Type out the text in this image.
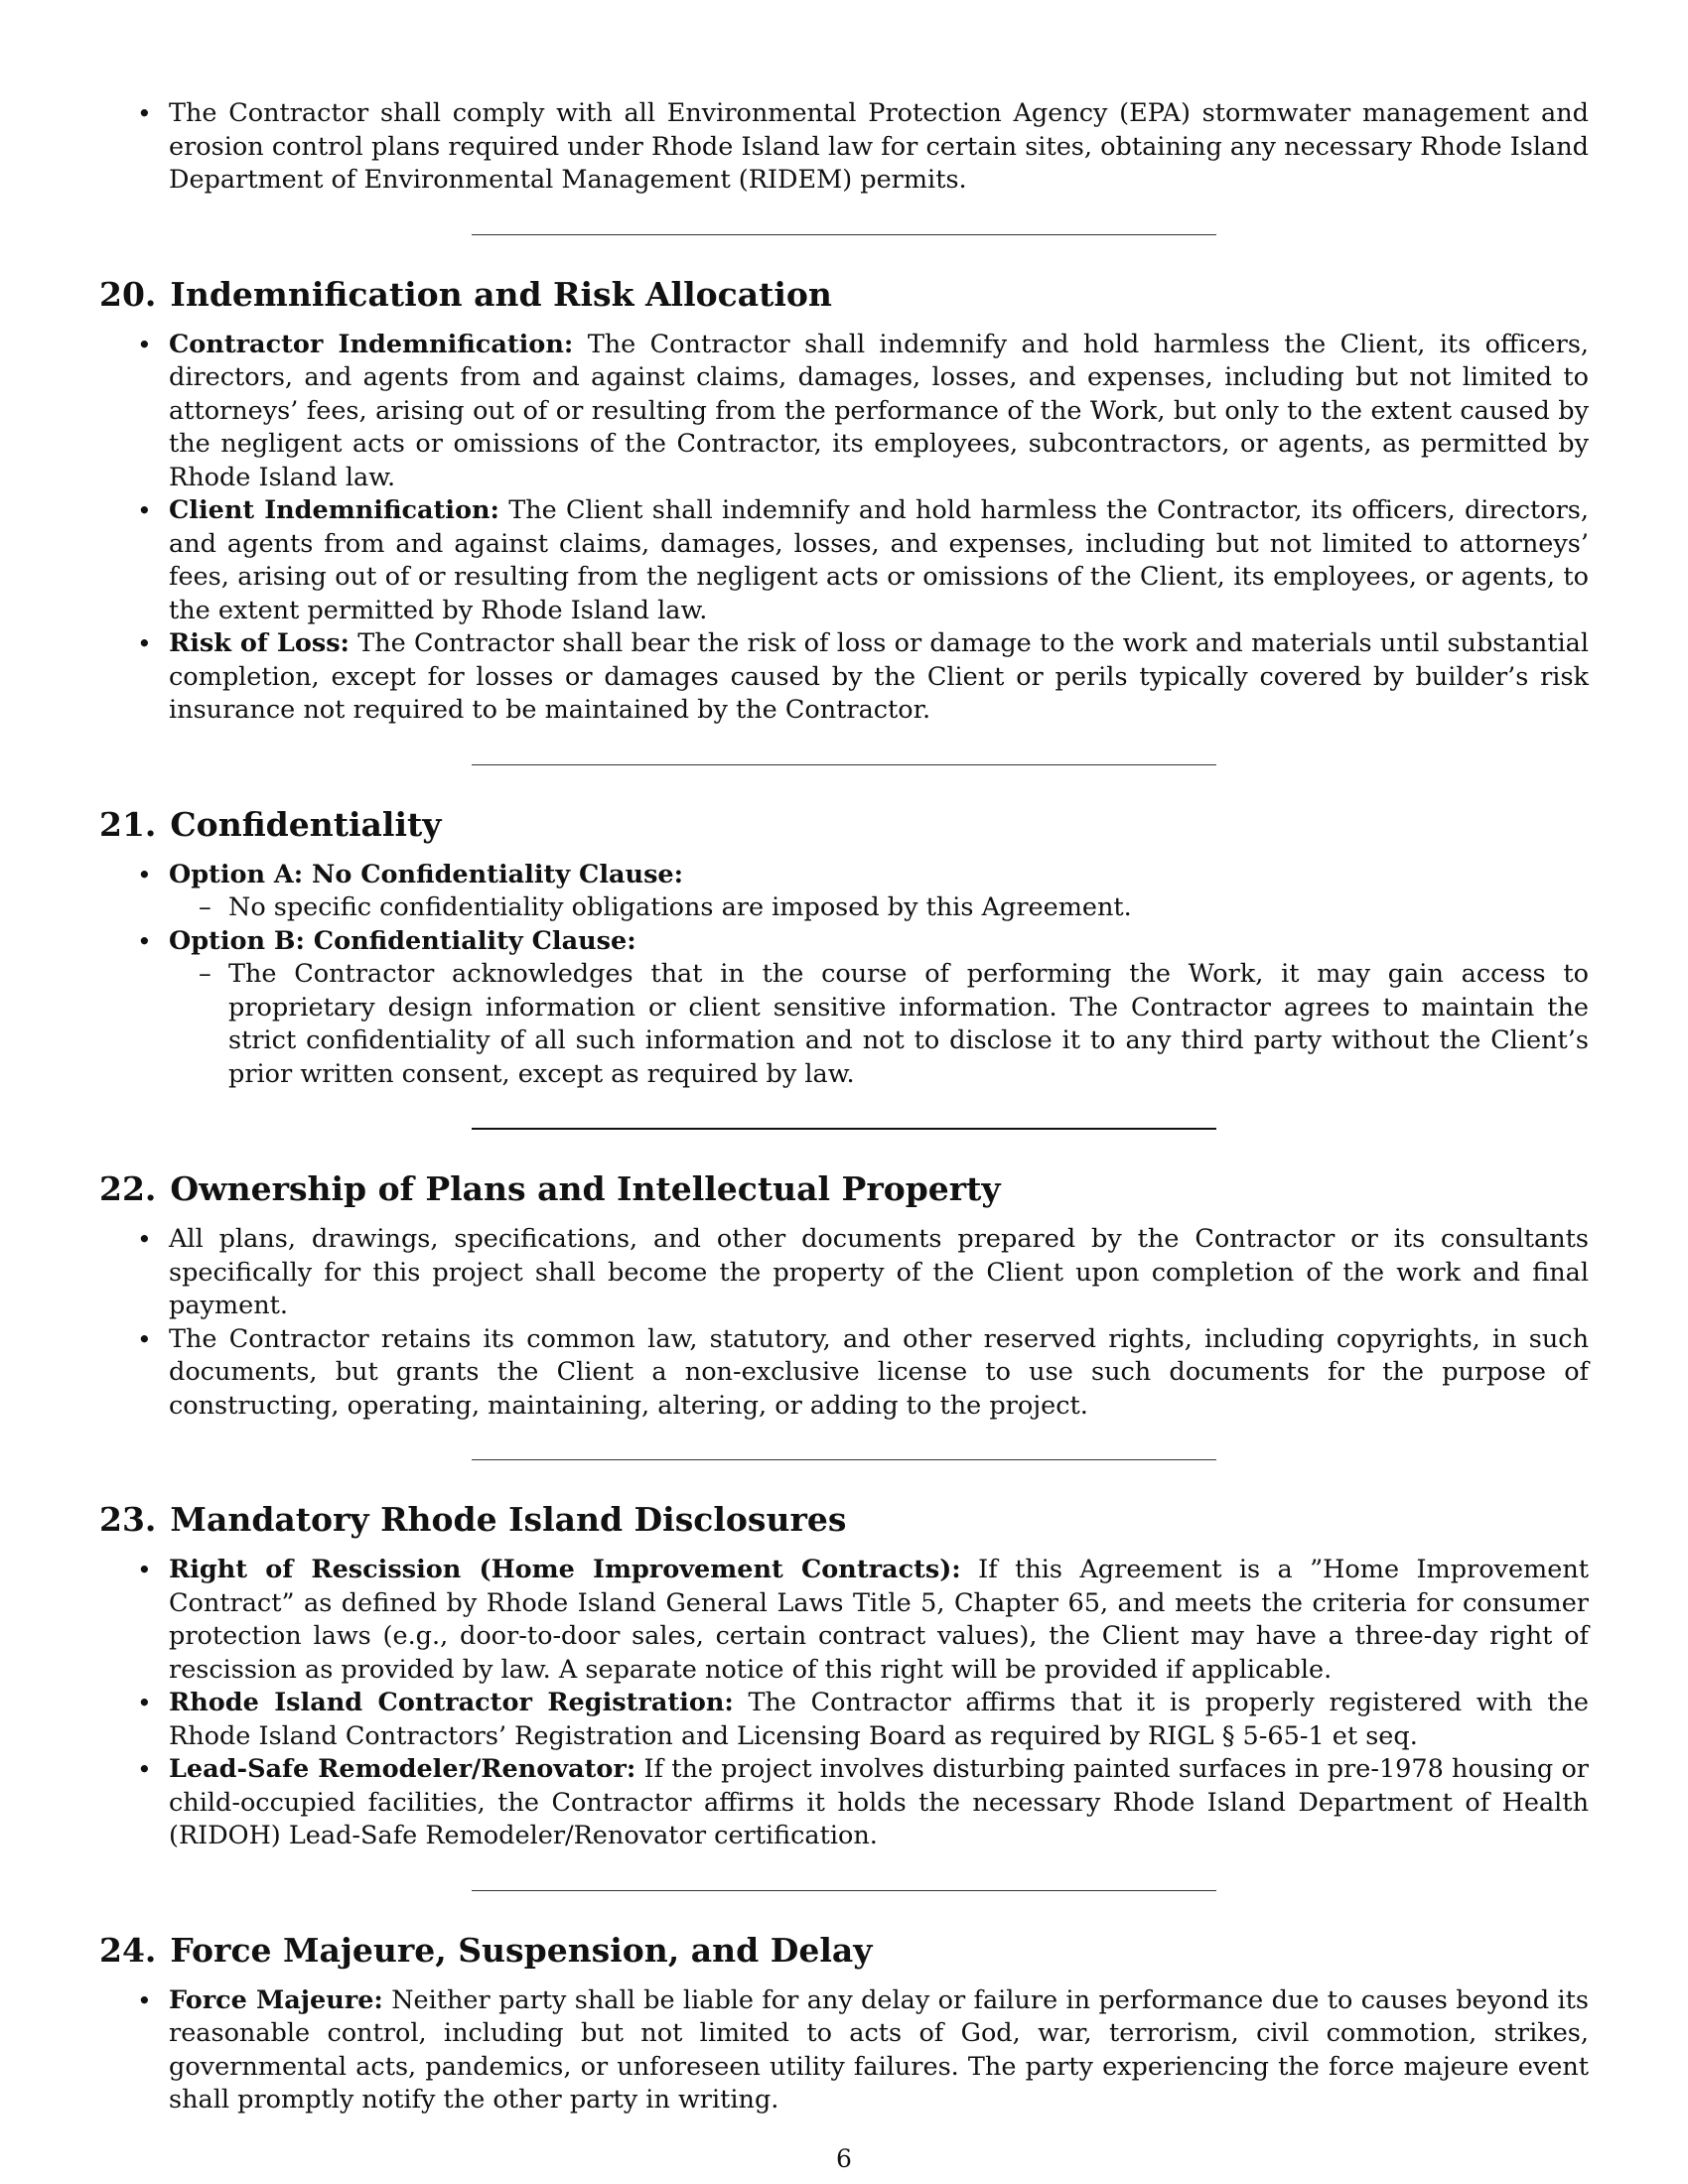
• The Contractor shall comply with all Environmental Protection Agency (EPA) stormwater management and erosion control plans required under Rhode Island law for certain sites, obtaining any necessary Rhode Island Department of Environmental Management (RIDEM) permits.
20. Indemnification and Risk Allocation
• Contractor Indemnification: The Contractor shall indemnify and hold harmless the Client, its officers, directors, and agents from and against claims, damages, losses, and expenses, including but not limited to attorneys’ fees, arising out of or resulting from the performance of the Work, but only to the extent caused by the negligent acts or omissions of the Contractor, its employees, subcontractors, or agents, as permitted by Rhode Island law.
• Client Indemnification: The Client shall indemnify and hold harmless the Contractor, its officers, directors, and agents from and against claims, damages, losses, and expenses, including but not limited to attorneys’ fees, arising out of or resulting from the negligent acts or omissions of the Client, its employees, or agents, to the extent permitted by Rhode Island law.
• Risk of Loss: The Contractor shall bear the risk of loss or damage to the work and materials until substantial completion, except for losses or damages caused by the Client or perils typically covered by builder’s risk insurance not required to be maintained by the Contractor.
21. Confidentiality
• Option A: No Confidentiality Clause:
– No specific confidentiality obligations are imposed by this Agreement.
• Option B: Confidentiality Clause:
– The Contractor acknowledges that in the course of performing the Work, it may gain access to proprietary design information or client sensitive information. The Contractor agrees to maintain the strict confidentiality of all such information and not to disclose it to any third party without the Client’s prior written consent, except as required by law.
22. Ownership of Plans and Intellectual Property
• All plans, drawings, specifications, and other documents prepared by the Contractor or its consultants specifically for this project shall become the property of the Client upon completion of the work and final payment.
• The Contractor retains its common law, statutory, and other reserved rights, including copyrights, in such documents, but grants the Client a non-exclusive license to use such documents for the purpose of constructing, operating, maintaining, altering, or adding to the project.
23. Mandatory Rhode Island Disclosures
• Right of Rescission (Home Improvement Contracts): If this Agreement is a ”Home Improvement Contract” as defined by Rhode Island General Laws Title 5, Chapter 65, and meets the criteria for consumer protection laws (e.g., door-to-door sales, certain contract values), the Client may have a three-day right of rescission as provided by law. A separate notice of this right will be provided if applicable.
• Rhode Island Contractor Registration: The Contractor affirms that it is properly registered with the Rhode Island Contractors’ Registration and Licensing Board as required by RIGL § 5-65-1 et seq.
• Lead-Safe Remodeler/Renovator: If the project involves disturbing painted surfaces in pre-1978 housing or child-occupied facilities, the Contractor affirms it holds the necessary Rhode Island Department of Health (RIDOH) Lead-Safe Remodeler/Renovator certification.
24. Force Majeure, Suspension, and Delay
• Force Majeure: Neither party shall be liable for any delay or failure in performance due to causes beyond its reasonable control, including but not limited to acts of God, war, terrorism, civil commotion, strikes, governmental acts, pandemics, or unforeseen utility failures. The party experiencing the force majeure event shall promptly notify the other party in writing.
6
